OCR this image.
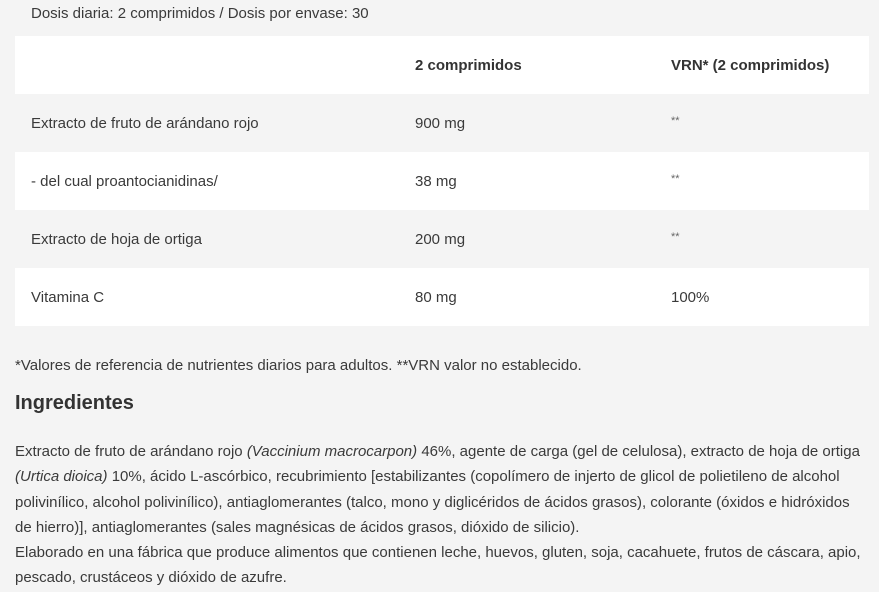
Dosis diaria: 2 comprimidos / Dosis por envase: 30
	2 comprimidos	VRN* (2 comprimidos)
Extracto de fruto de arándano rojo	900 mg	**
- del cual proantocianidinas/	38 mg	**
Extracto de hoja de ortiga	200 mg	**
Vitamina C	80 mg	100%
*Valores de referencia de nutrientes diarios para adultos. **VRN valor no establecido.
Ingredientes

Extracto de fruto de arándano rojo (Vaccinium macrocarpon) 46%, agente de carga (gel de celulosa), extracto de hoja de ortiga (Urtica dioica) 10%, ácido L-ascórbico, recubrimiento [estabilizantes (copolímero de injerto de glicol de polietileno de alcohol polivinílico, alcohol polivinílico), antiaglomerantes (talco, mono y diglicéridos de ácidos grasos), colorante (óxidos e hidróxidos de hierro)], antiaglomerantes (sales magnésicas de ácidos grasos, dióxido de silicio).
Elaborado en una fábrica que produce alimentos que contienen leche, huevos, gluten, soja, cacahuete, frutos de cáscara, apio, pescado, crustáceos y dióxido de azufre.
